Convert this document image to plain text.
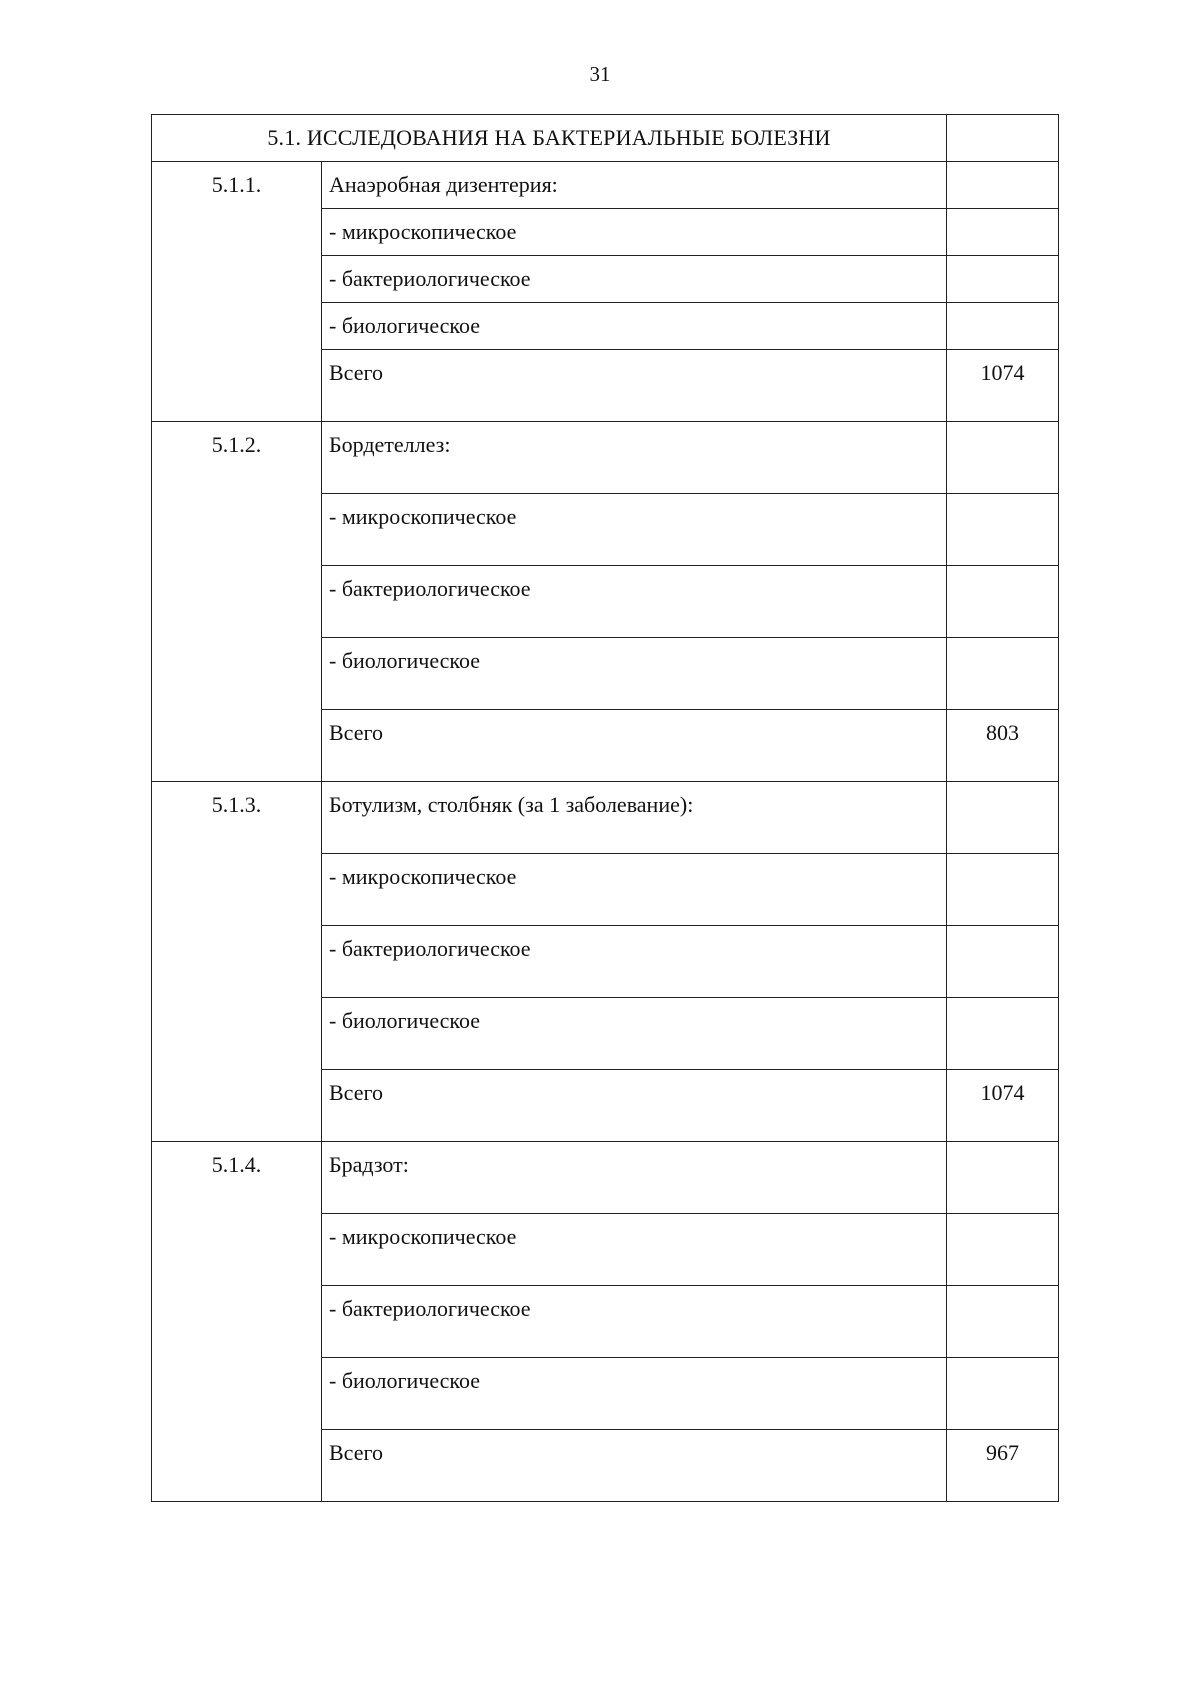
31
5.1. ИССЛЕДОВАНИЯ НА БАКТЕРИАЛЬНЫЕ БОЛЕЗНИ		
5.1.1.	Анаэробная дизентерия:	
	- микроскопическое	
	- бактериологическое	
	- биологическое	
	Всего	1074
5.1.2.	Бордетеллез:	
	- микроскопическое	
	- бактериологическое	
	- биологическое	
	Всего	803
5.1.3.	Ботулизм, столбняк (за 1 заболевание):	
	- микроскопическое	
	- бактериологическое	
	- биологическое	
	Всего	1074
5.1.4.	Брадзот:	
	- микроскопическое	
	- бактериологическое	
	- биологическое	
	Всего	967
